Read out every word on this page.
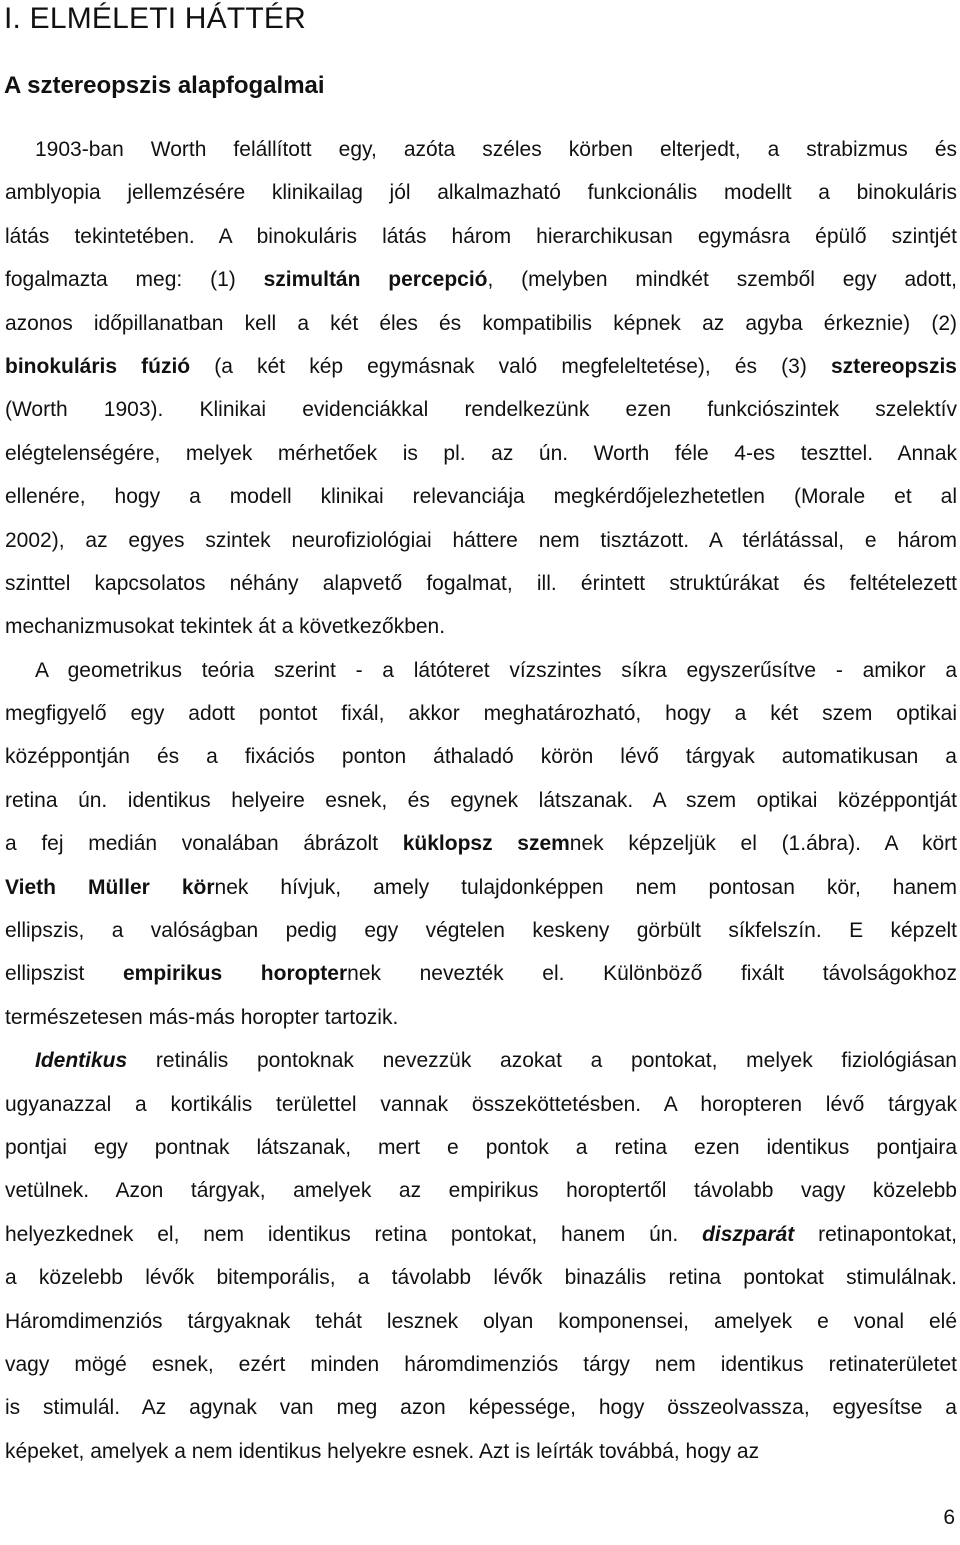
I. ELMÉLETI HÁTTÉR
A sztereopszis alapfogalmai
1903-ban Worth felállított egy, azóta széles körben elterjedt, a strabizmus és
amblyopia jellemzésére klinikailag jól alkalmazható funkcionális modellt a binokuláris
látás tekintetében. A binokuláris látás három hierarchikusan egymásra épülő szintjét
fogalmazta meg: (1) szimultán percepció, (melyben mindkét szemből egy adott,
azonos időpillanatban kell a két éles és kompatibilis képnek az agyba érkeznie) (2)
binokuláris fúzió (a két kép egymásnak való megfeleltetése), és (3) sztereopszis
(Worth 1903). Klinikai evidenciákkal rendelkezünk ezen funkciószintek szelektív
elégtelenségére, melyek mérhetőek is pl. az ún. Worth féle 4-es teszttel. Annak
ellenére, hogy a modell klinikai relevanciája megkérdőjelezhetetlen (Morale et al
2002), az egyes szintek neurofiziológiai háttere nem tisztázott. A térlátással, e három
szinttel kapcsolatos néhány alapvető fogalmat, ill. érintett struktúrákat és feltételezett
mechanizmusokat tekintek át a következőkben.
A geometrikus teória szerint - a látóteret vízszintes síkra egyszerűsítve - amikor a
megfigyelő egy adott pontot fixál, akkor meghatározható, hogy a két szem optikai
középpontján és a fixációs ponton áthaladó körön lévő tárgyak automatikusan a
retina ún. identikus helyeire esnek, és egynek látszanak. A szem optikai középpontját
a fej medián vonalában ábrázolt küklopsz szemnek képzeljük el (1.ábra). A kört
Vieth Müller körnek hívjuk, amely tulajdonképpen nem pontosan kör, hanem
ellipszis, a valóságban pedig egy végtelen keskeny görbült síkfelszín. E képzelt
ellipszist empirikus horopternek nevezték el. Különböző fixált távolságokhoz
természetesen más-más horopter tartozik.
Identikus retinális pontoknak nevezzük azokat a pontokat, melyek fiziológiásan
ugyanazzal a kortikális területtel vannak összeköttetésben. A horopteren lévő tárgyak
pontjai egy pontnak látszanak, mert e pontok a retina ezen identikus pontjaira
vetülnek. Azon tárgyak, amelyek az empirikus horoptertől távolabb vagy közelebb
helyezkednek el, nem identikus retina pontokat, hanem ún. diszparát retinapontokat,
a közelebb lévők bitemporális, a távolabb lévők binazális retina pontokat stimulálnak.
Háromdimenziós tárgyaknak tehát lesznek olyan komponensei, amelyek e vonal elé
vagy mögé esnek, ezért minden háromdimenziós tárgy nem identikus retinaterületet
is stimulál. Az agynak van meg azon képessége, hogy összeolvassza, egyesítse a
képeket, amelyek a nem identikus helyekre esnek. Azt is leírták továbbá, hogy az
6
